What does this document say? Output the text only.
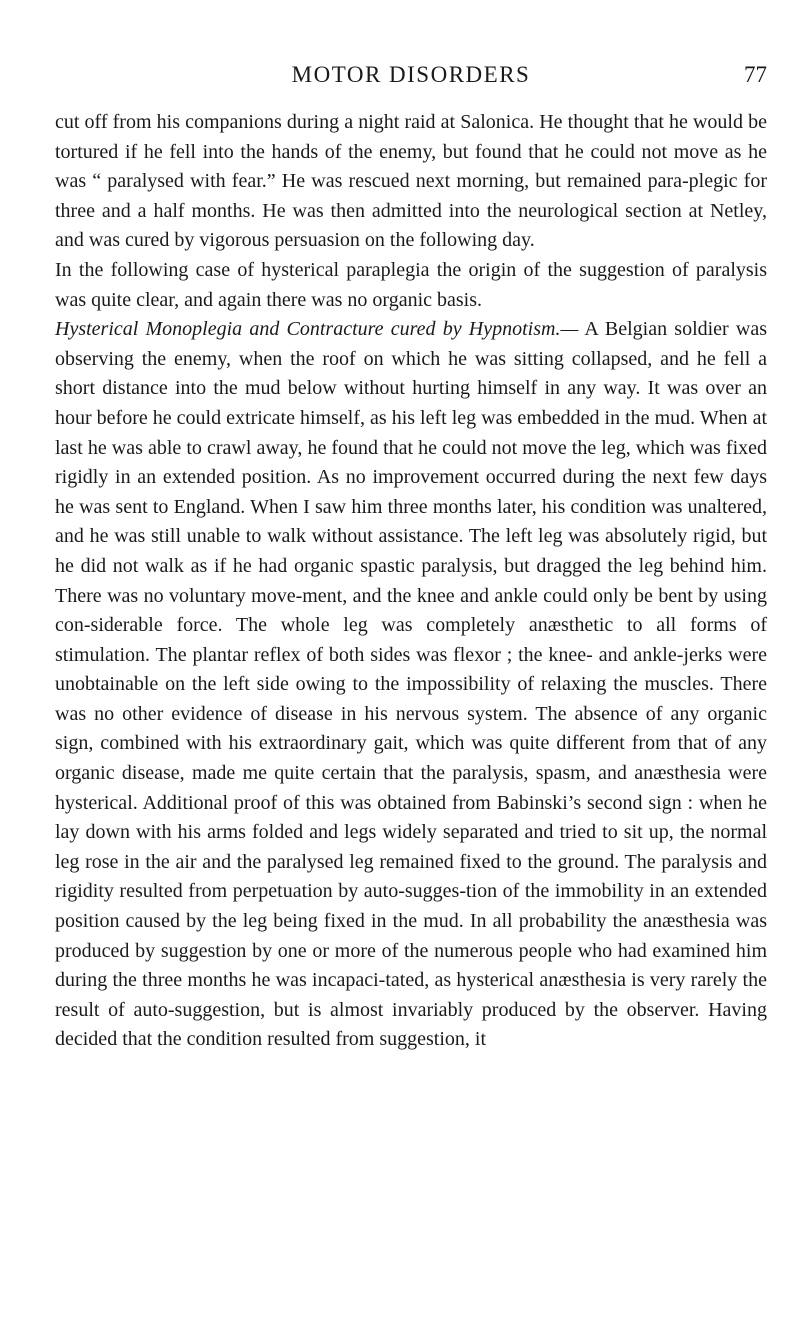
MOTOR DISORDERS	77

cut off from his companions during a night raid at Salonica. He thought that he would be tortured if he fell into the hands of the enemy, but found that he could not move as he was “ paralysed with fear.” He was rescued next morning, but remained para-plegic for three and a half months. He was then admitted into the neurological section at Netley, and was cured by vigorous persuasion on the following day.

In the following case of hysterical paraplegia the origin of the suggestion of paralysis was quite clear, and again there was no organic basis.

Hysterical Monoplegia and Contracture cured by Hypnotism.— A Belgian soldier was observing the enemy, when the roof on which he was sitting collapsed, and he fell a short distance into the mud below without hurting himself in any way. It was over an hour before he could extricate himself, as his left leg was embedded in the mud. When at last he was able to crawl away, he found that he could not move the leg, which was fixed rigidly in an extended position. As no improvement occurred during the next few days he was sent to England. When I saw him three months later, his condition was unaltered, and he was still unable to walk without assistance. The left leg was absolutely rigid, but he did not walk as if he had organic spastic paralysis, but dragged the leg behind him. There was no voluntary move-ment, and the knee and ankle could only be bent by using con-siderable force. The whole leg was completely anæsthetic to all forms of stimulation. The plantar reflex of both sides was flexor ; the knee- and ankle-jerks were unobtainable on the left side owing to the impossibility of relaxing the muscles. There was no other evidence of disease in his nervous system. The absence of any organic sign, combined with his extraordinary gait, which was quite different from that of any organic disease, made me quite certain that the paralysis, spasm, and anæsthesia were hysterical. Additional proof of this was obtained from Babinski’s second sign : when he lay down with his arms folded and legs widely separated and tried to sit up, the normal leg rose in the air and the paralysed leg remained fixed to the ground. The paralysis and rigidity resulted from perpetuation by auto-sugges-tion of the immobility in an extended position caused by the leg being fixed in the mud. In all probability the anæsthesia was produced by suggestion by one or more of the numerous people who had examined him during the three months he was incapaci-tated, as hysterical anæsthesia is very rarely the result of auto-suggestion, but is almost invariably produced by the observer. Having decided that the condition resulted from suggestion, it
